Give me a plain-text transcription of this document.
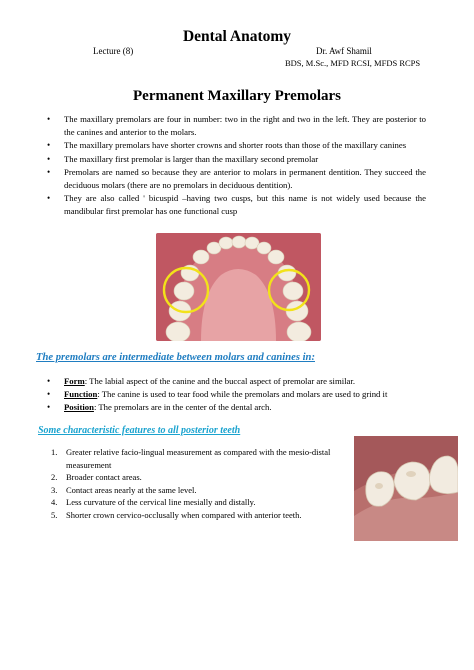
Dental Anatomy
Lecture (8)	Dr. Awf Shamil
BDS, M.Sc., MFD RCSI, MFDS RCPS
Permanent Maxillary Premolars
• The maxillary premolars are four in number: two in the right and two in the left. They are posterior to the canines and anterior to the molars.
• The maxillary premolars have shorter crowns and shorter roots than those of the maxillary canines
• The maxillary first premolar is larger than the maxillary second premolar
• Premolars are named so because they are anterior to molars in permanent dentition. They succeed the deciduous molars (there are no premolars in deciduous dentition).
• They are also called ' bicuspid –having two cusps, but this name is not widely used because the mandibular first premolar has one functional cusp
The premolars are intermediate between molars and canines in:
• Form: The labial aspect of the canine and the buccal aspect of premolar are similar.
• Function: The canine is used to tear food while the premolars and molars are used to grind it
• Position: The premolars are in the center of the dental arch.
Some characteristic features to all posterior teeth
1. Greater relative facio-lingual measurement as compared with the mesio-distal measurement
2. Broader contact areas.
3. Contact areas nearly at the same level.
4. Less curvature of the cervical line mesially and distally.
5. Shorter crown cervico-occlusally when compared with anterior teeth.
